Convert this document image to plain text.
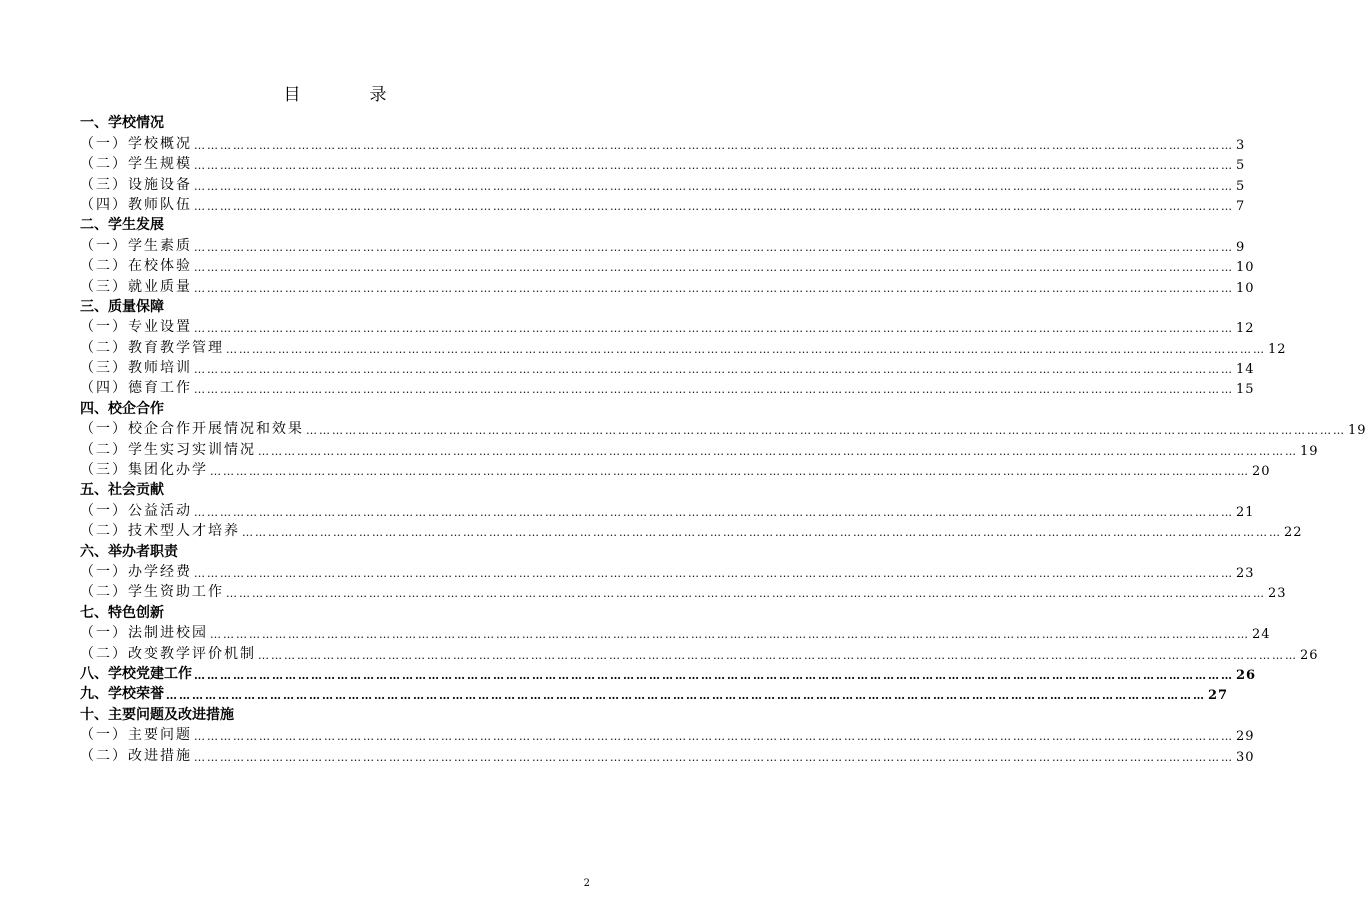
目　录
一、学校情况
（一）学校概况 …………………………………………………………………………………………………………………………………………………………………………………………………………………… 3
（二）学生规模 …………………………………………………………………………………………………………………………………………………………………………………………………………………… 5
（三）设施设备 …………………………………………………………………………………………………………………………………………………………………………………………………………………… 5
（四）教师队伍 …………………………………………………………………………………………………………………………………………………………………………………………………………………… 7
二、学生发展
（一）学生素质 …………………………………………………………………………………………………………………………………………………………………………………………………………………… 9
（二）在校体验 …………………………………………………………………………………………………………………………………………………………………………………………………………………… 10
（三）就业质量 …………………………………………………………………………………………………………………………………………………………………………………………………………………… 10
三、质量保障
（一）专业设置 …………………………………………………………………………………………………………………………………………………………………………………………………………………… 12
（二）教育教学管理 …………………………………………………………………………………………………………………………………………………………………………………………………………………… 12
（三）教师培训 …………………………………………………………………………………………………………………………………………………………………………………………………………………… 14
（四）德育工作 …………………………………………………………………………………………………………………………………………………………………………………………………………………… 15
四、校企合作
（一）校企合作开展情况和效果 …………………………………………………………………………………………………………………………………………………………………………………………………………………… 19
（二）学生实习实训情况 …………………………………………………………………………………………………………………………………………………………………………………………………………………… 19
（三）集团化办学 …………………………………………………………………………………………………………………………………………………………………………………………………………………… 20
五、社会贡献
（一）公益活动 …………………………………………………………………………………………………………………………………………………………………………………………………………………… 21
（二）技术型人才培养 …………………………………………………………………………………………………………………………………………………………………………………………………………………… 22
六、举办者职责
（一）办学经费 …………………………………………………………………………………………………………………………………………………………………………………………………………………… 23
（二）学生资助工作 …………………………………………………………………………………………………………………………………………………………………………………………………………………… 23
七、特色创新
（一）法制进校园 …………………………………………………………………………………………………………………………………………………………………………………………………………………… 24
（二）改变教学评价机制 …………………………………………………………………………………………………………………………………………………………………………………………………………………… 26
八、学校党建工作 …………………………………………………………………………………………………………………………………………………………………………………………………………………… 26
九、学校荣誉 …………………………………………………………………………………………………………………………………………………………………………………………………………………… 27
十、主要问题及改进措施
（一）主要问题 …………………………………………………………………………………………………………………………………………………………………………………………………………………… 29
（二）改进措施 …………………………………………………………………………………………………………………………………………………………………………………………………………………… 30
2
